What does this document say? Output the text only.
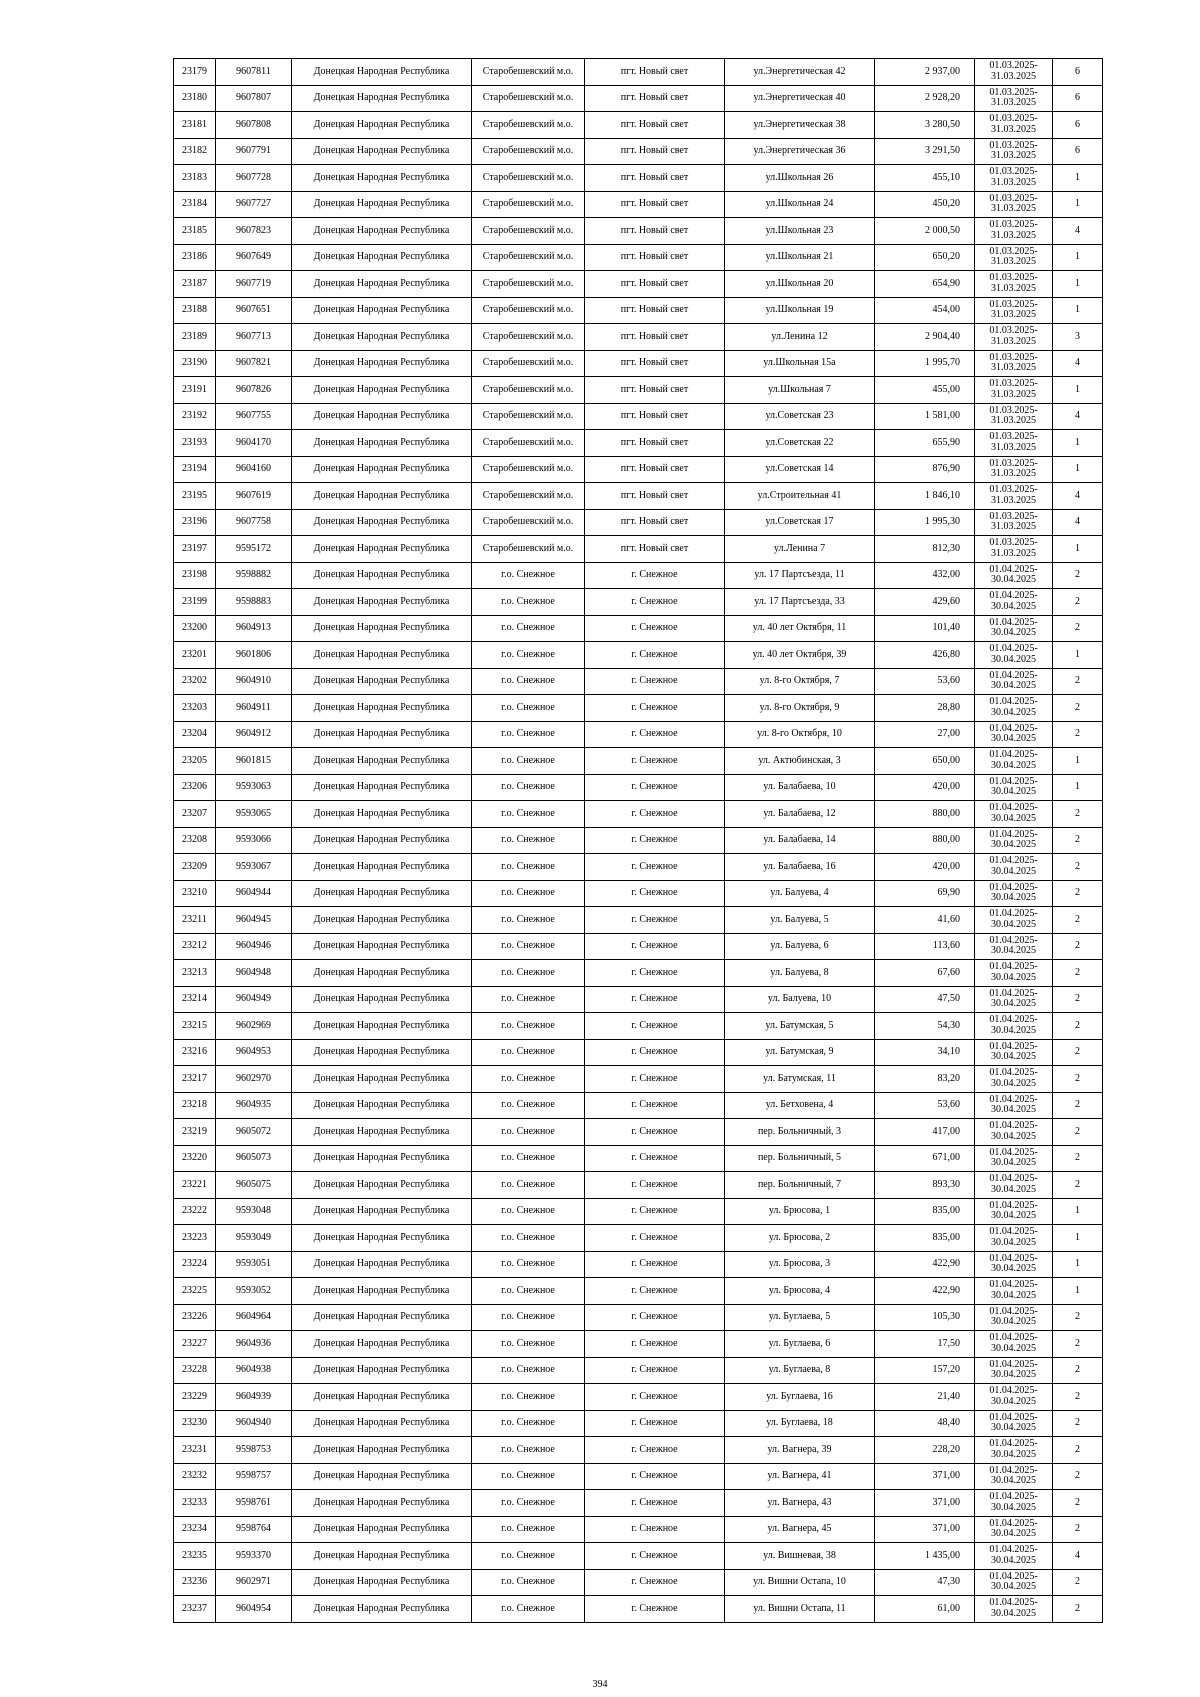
23179	9607811	Донецкая Народная Республика	Старобешевский м.о.	пгт. Новый свет	ул.Энергетическая 42	2 937,00	01.03.2025-
31.03.2025	6
23180	9607807	Донецкая Народная Республика	Старобешевский м.о.	пгт. Новый свет	ул.Энергетическая 40	2 928,20	01.03.2025-
31.03.2025	6
23181	9607808	Донецкая Народная Республика	Старобешевский м.о.	пгт. Новый свет	ул.Энергетическая 38	3 280,50	01.03.2025-
31.03.2025	6
23182	9607791	Донецкая Народная Республика	Старобешевский м.о.	пгт. Новый свет	ул.Энергетическая 36	3 291,50	01.03.2025-
31.03.2025	6
23183	9607728	Донецкая Народная Республика	Старобешевский м.о.	пгт. Новый свет	ул.Школьная 26	455,10	01.03.2025-
31.03.2025	1
23184	9607727	Донецкая Народная Республика	Старобешевский м.о.	пгт. Новый свет	ул.Школьная 24	450,20	01.03.2025-
31.03.2025	1
23185	9607823	Донецкая Народная Республика	Старобешевский м.о.	пгт. Новый свет	ул.Школьная 23	2 000,50	01.03.2025-
31.03.2025	4
23186	9607649	Донецкая Народная Республика	Старобешевский м.о.	пгт. Новый свет	ул.Школьная 21	650,20	01.03.2025-
31.03.2025	1
23187	9607719	Донецкая Народная Республика	Старобешевский м.о.	пгт. Новый свет	ул.Школьная 20	654,90	01.03.2025-
31.03.2025	1
23188	9607651	Донецкая Народная Республика	Старобешевский м.о.	пгт. Новый свет	ул.Школьная 19	454,00	01.03.2025-
31.03.2025	1
23189	9607713	Донецкая Народная Республика	Старобешевский м.о.	пгт. Новый свет	ул.Ленина 12	2 904,40	01.03.2025-
31.03.2025	3
23190	9607821	Донецкая Народная Республика	Старобешевский м.о.	пгт. Новый свет	ул.Школьная 15а	1 995,70	01.03.2025-
31.03.2025	4
23191	9607826	Донецкая Народная Республика	Старобешевский м.о.	пгт. Новый свет	ул.Школьная 7	455,00	01.03.2025-
31.03.2025	1
23192	9607755	Донецкая Народная Республика	Старобешевский м.о.	пгт. Новый свет	ул.Советская 23	1 581,00	01.03.2025-
31.03.2025	4
23193	9604170	Донецкая Народная Республика	Старобешевский м.о.	пгт. Новый свет	ул.Советская 22	655,90	01.03.2025-
31.03.2025	1
23194	9604160	Донецкая Народная Республика	Старобешевский м.о.	пгт. Новый свет	ул.Советская 14	876,90	01.03.2025-
31.03.2025	1
23195	9607619	Донецкая Народная Республика	Старобешевский м.о.	пгт. Новый свет	ул.Строительная 41	1 846,10	01.03.2025-
31.03.2025	4
23196	9607758	Донецкая Народная Республика	Старобешевский м.о.	пгт. Новый свет	ул.Советская 17	1 995,30	01.03.2025-
31.03.2025	4
23197	9595172	Донецкая Народная Республика	Старобешевский м.о.	пгт. Новый свет	ул.Ленина 7	812,30	01.03.2025-
31.03.2025	1
23198	9598882	Донецкая Народная Республика	г.о. Снежное	г. Снежное	ул. 17 Партсъезда, 11	432,00	01.04.2025-
30.04.2025	2
23199	9598883	Донецкая Народная Республика	г.о. Снежное	г. Снежное	ул. 17 Партсъезда, 33	429,60	01.04.2025-
30.04.2025	2
23200	9604913	Донецкая Народная Республика	г.о. Снежное	г. Снежное	ул. 40 лет Октября, 11	101,40	01.04.2025-
30.04.2025	2
23201	9601806	Донецкая Народная Республика	г.о. Снежное	г. Снежное	ул. 40 лет Октября, 39	426,80	01.04.2025-
30.04.2025	1
23202	9604910	Донецкая Народная Республика	г.о. Снежное	г. Снежное	ул. 8-го Октября, 7	53,60	01.04.2025-
30.04.2025	2
23203	9604911	Донецкая Народная Республика	г.о. Снежное	г. Снежное	ул. 8-го Октября, 9	28,80	01.04.2025-
30.04.2025	2
23204	9604912	Донецкая Народная Республика	г.о. Снежное	г. Снежное	ул. 8-го Октября, 10	27,00	01.04.2025-
30.04.2025	2
23205	9601815	Донецкая Народная Республика	г.о. Снежное	г. Снежное	ул. Актюбинская, 3	650,00	01.04.2025-
30.04.2025	1
23206	9593063	Донецкая Народная Республика	г.о. Снежное	г. Снежное	ул. Балабаева, 10	420,00	01.04.2025-
30.04.2025	1
23207	9593065	Донецкая Народная Республика	г.о. Снежное	г. Снежное	ул. Балабаева, 12	880,00	01.04.2025-
30.04.2025	2
23208	9593066	Донецкая Народная Республика	г.о. Снежное	г. Снежное	ул. Балабаева, 14	880,00	01.04.2025-
30.04.2025	2
23209	9593067	Донецкая Народная Республика	г.о. Снежное	г. Снежное	ул. Балабаева, 16	420,00	01.04.2025-
30.04.2025	2
23210	9604944	Донецкая Народная Республика	г.о. Снежное	г. Снежное	ул. Балуева, 4	69,90	01.04.2025-
30.04.2025	2
23211	9604945	Донецкая Народная Республика	г.о. Снежное	г. Снежное	ул. Балуева, 5	41,60	01.04.2025-
30.04.2025	2
23212	9604946	Донецкая Народная Республика	г.о. Снежное	г. Снежное	ул. Балуева, 6	113,60	01.04.2025-
30.04.2025	2
23213	9604948	Донецкая Народная Республика	г.о. Снежное	г. Снежное	ул. Балуева, 8	67,60	01.04.2025-
30.04.2025	2
23214	9604949	Донецкая Народная Республика	г.о. Снежное	г. Снежное	ул. Балуева, 10	47,50	01.04.2025-
30.04.2025	2
23215	9602969	Донецкая Народная Республика	г.о. Снежное	г. Снежное	ул. Батумская, 5	54,30	01.04.2025-
30.04.2025	2
23216	9604953	Донецкая Народная Республика	г.о. Снежное	г. Снежное	ул. Батумская, 9	34,10	01.04.2025-
30.04.2025	2
23217	9602970	Донецкая Народная Республика	г.о. Снежное	г. Снежное	ул. Батумская, 11	83,20	01.04.2025-
30.04.2025	2
23218	9604935	Донецкая Народная Республика	г.о. Снежное	г. Снежное	ул. Бетховена, 4	53,60	01.04.2025-
30.04.2025	2
23219	9605072	Донецкая Народная Республика	г.о. Снежное	г. Снежное	пер. Больничный, 3	417,00	01.04.2025-
30.04.2025	2
23220	9605073	Донецкая Народная Республика	г.о. Снежное	г. Снежное	пер. Больничный, 5	671,00	01.04.2025-
30.04.2025	2
23221	9605075	Донецкая Народная Республика	г.о. Снежное	г. Снежное	пер. Больничный, 7	893,30	01.04.2025-
30.04.2025	2
23222	9593048	Донецкая Народная Республика	г.о. Снежное	г. Снежное	ул. Брюсова, 1	835,00	01.04.2025-
30.04.2025	1
23223	9593049	Донецкая Народная Республика	г.о. Снежное	г. Снежное	ул. Брюсова, 2	835,00	01.04.2025-
30.04.2025	1
23224	9593051	Донецкая Народная Республика	г.о. Снежное	г. Снежное	ул. Брюсова, 3	422,90	01.04.2025-
30.04.2025	1
23225	9593052	Донецкая Народная Республика	г.о. Снежное	г. Снежное	ул. Брюсова, 4	422,90	01.04.2025-
30.04.2025	1
23226	9604964	Донецкая Народная Республика	г.о. Снежное	г. Снежное	ул. Буглаева, 5	105,30	01.04.2025-
30.04.2025	2
23227	9604936	Донецкая Народная Республика	г.о. Снежное	г. Снежное	ул. Буглаева, 6	17,50	01.04.2025-
30.04.2025	2
23228	9604938	Донецкая Народная Республика	г.о. Снежное	г. Снежное	ул. Буглаева, 8	157,20	01.04.2025-
30.04.2025	2
23229	9604939	Донецкая Народная Республика	г.о. Снежное	г. Снежное	ул. Буглаева, 16	21,40	01.04.2025-
30.04.2025	2
23230	9604940	Донецкая Народная Республика	г.о. Снежное	г. Снежное	ул. Буглаева, 18	48,40	01.04.2025-
30.04.2025	2
23231	9598753	Донецкая Народная Республика	г.о. Снежное	г. Снежное	ул. Вагнера, 39	228,20	01.04.2025-
30.04.2025	2
23232	9598757	Донецкая Народная Республика	г.о. Снежное	г. Снежное	ул. Вагнера, 41	371,00	01.04.2025-
30.04.2025	2
23233	9598761	Донецкая Народная Республика	г.о. Снежное	г. Снежное	ул. Вагнера, 43	371,00	01.04.2025-
30.04.2025	2
23234	9598764	Донецкая Народная Республика	г.о. Снежное	г. Снежное	ул. Вагнера, 45	371,00	01.04.2025-
30.04.2025	2
23235	9593370	Донецкая Народная Республика	г.о. Снежное	г. Снежное	ул. Вишневая, 38	1 435,00	01.04.2025-
30.04.2025	4
23236	9602971	Донецкая Народная Республика	г.о. Снежное	г. Снежное	ул. Вишни Остапа, 10	47,30	01.04.2025-
30.04.2025	2
23237	9604954	Донецкая Народная Республика	г.о. Снежное	г. Снежное	ул. Вишни Остапа, 11	61,00	01.04.2025-
30.04.2025	2
394
